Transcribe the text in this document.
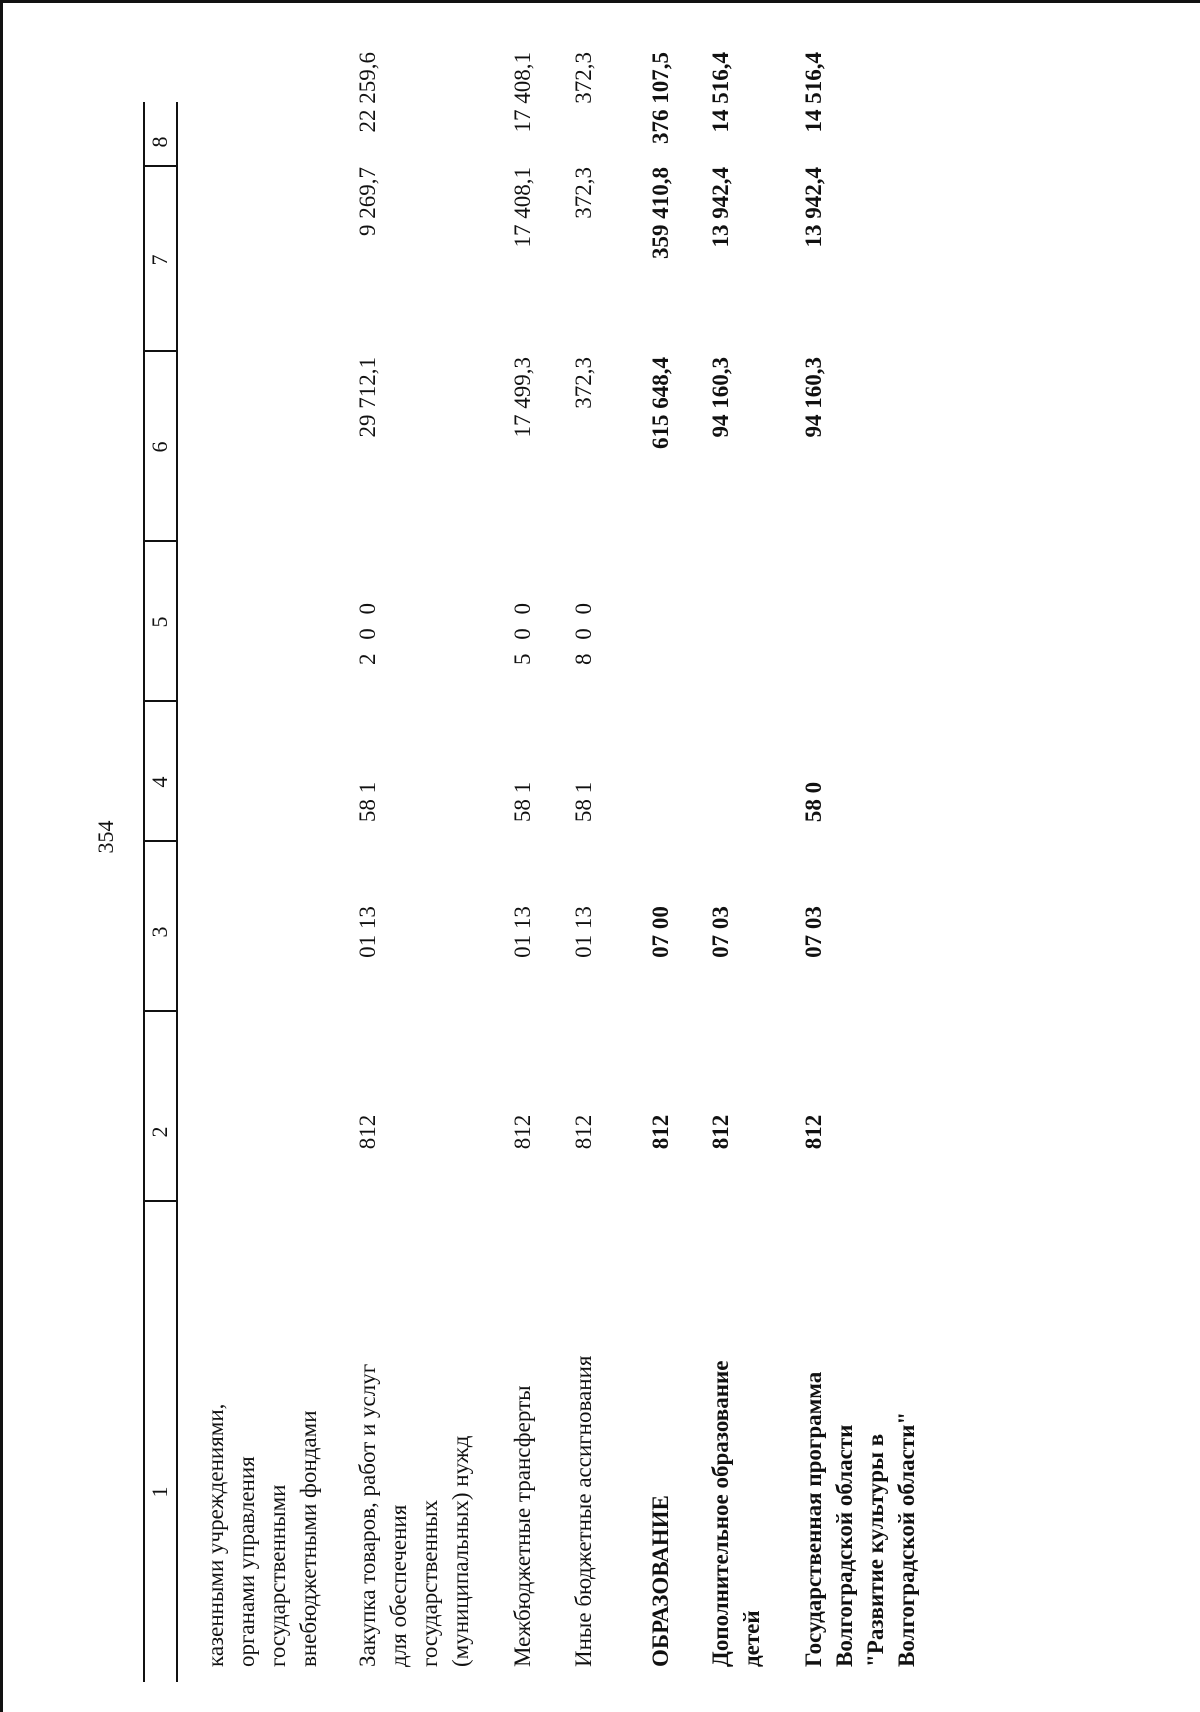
354
1
2
3
4
5
6
7
8
казенными учреждениями, органами управления государственными внебюджетными фондами Закупка товаров, работ и услуг для обеспечения государственных (муниципальных) нужд
812
01 13
58 1
2 0 0
29 712,1
9 269,7
22 259,6
Межбюджетные трансферты
812
01 13
58 1
5 0 0
17 499,3
17 408,1
17 408,1
Иные бюджетные ассигнования
812
01 13
58 1
8 0 0
372,3
372,3
372,3
ОБРАЗОВАНИЕ
812
07 00
615 648,4
359 410,8
376 107,5
Дополнительное образование детей
812
07 03
94 160,3
13 942,4
14 516,4
Государственная программа Волгоградской области "Развитие культуры в Волгоградской области"
812
07 03
58 0
94 160,3
13 942,4
14 516,4
